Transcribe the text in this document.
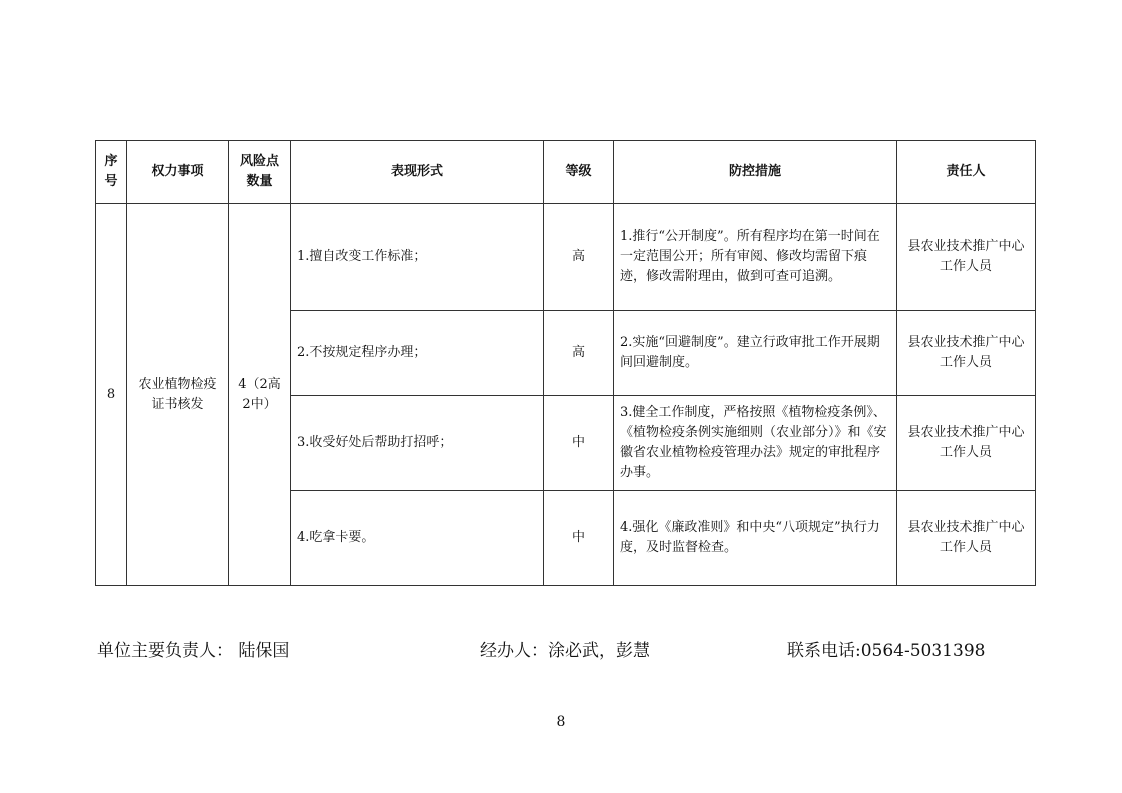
序号	权力事项	风险点数量	表现形式	等级	防控措施	责任人
8	农业植物检疫证书核发	4（2高2中）	1.擅自改变工作标准；	高	1.推行“公开制度”。所有程序均在第一时间在一定范围公开；所有审阅、修改均需留下痕迹，修改需附理由，做到可查可追溯。	县农业技术推广中心工作人员
			2.不按规定程序办理；	高	2.实施“回避制度”。建立行政审批工作开展期间回避制度。	县农业技术推广中心工作人员
			3.收受好处后帮助打招呼；	中	3.健全工作制度，严格按照《植物检疫条例》、《植物检疫条例实施细则（农业部分）》和《安徽省农业植物检疫管理办法》规定的审批程序办事。	县农业技术推广中心工作人员
			4.吃拿卡要。	中	4.强化《廉政准则》和中央“八项规定”执行力度，及时监督检查。	县农业技术推广中心工作人员
单位主要负责人： 陆保国	经办人：涂必武，彭慧	联系电话:0564-5031398
8
